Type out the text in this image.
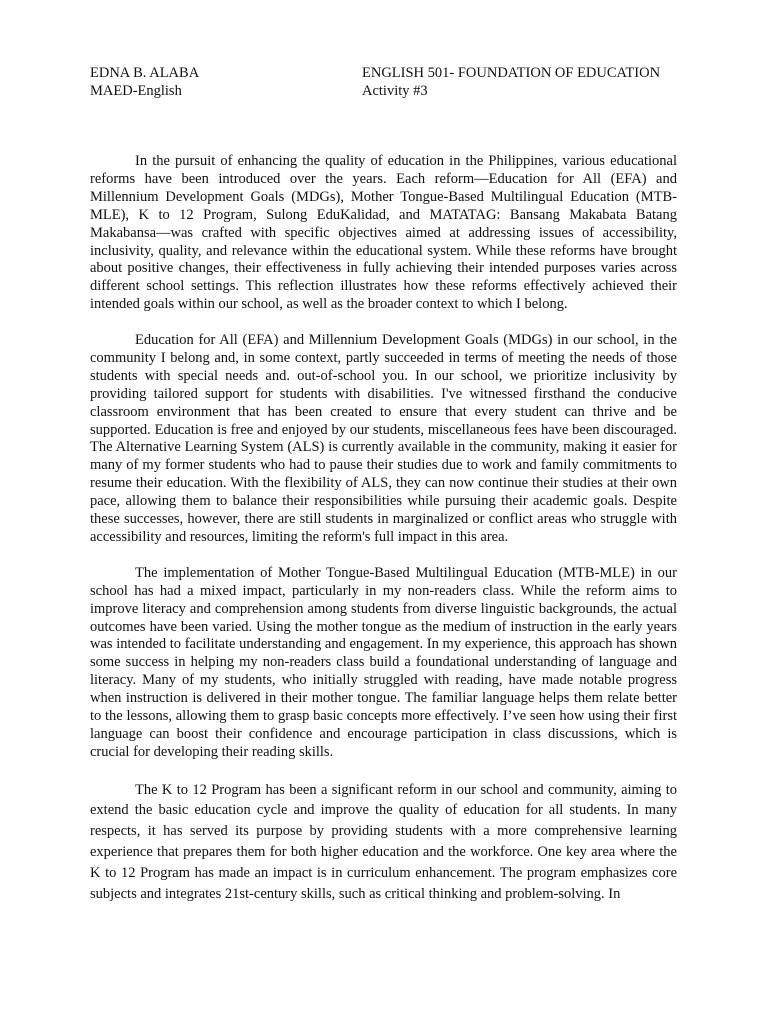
EDNA B. ALABA
MAED-English
ENGLISH 501- FOUNDATION OF EDUCATION
Activity #3

In the pursuit of enhancing the quality of education in the Philippines, various educational reforms have been introduced over the years. Each reform—Education for All (EFA) and Millennium Development Goals (MDGs), Mother Tongue-Based Multilingual Education (MTB-MLE), K to 12 Program, Sulong EduKalidad, and MATATAG: Bansang Makabata Batang Makabansa—was crafted with specific objectives aimed at addressing issues of accessibility, inclusivity, quality, and relevance within the educational system. While these reforms have brought about positive changes, their effectiveness in fully achieving their intended purposes varies across different school settings. This reflection illustrates how these reforms effectively achieved their intended goals within our school, as well as the broader context to which I belong.

Education for All (EFA) and Millennium Development Goals (MDGs) in our school, in the community I belong and, in some context, partly succeeded in terms of meeting the needs of those students with special needs and. out-of-school you. In our school, we prioritize inclusivity by providing tailored support for students with disabilities. I've witnessed firsthand the conducive classroom environment that has been created to ensure that every student can thrive and be supported. Education is free and enjoyed by our students, miscellaneous fees have been discouraged. The Alternative Learning System (ALS) is currently available in the community, making it easier for many of my former students who had to pause their studies due to work and family commitments to resume their education. With the flexibility of ALS, they can now continue their studies at their own pace, allowing them to balance their responsibilities while pursuing their academic goals. Despite these successes, however, there are still students in marginalized or conflict areas who struggle with accessibility and resources, limiting the reform's full impact in this area.

The implementation of Mother Tongue-Based Multilingual Education (MTB-MLE) in our school has had a mixed impact, particularly in my non-readers class. While the reform aims to improve literacy and comprehension among students from diverse linguistic backgrounds, the actual outcomes have been varied. Using the mother tongue as the medium of instruction in the early years was intended to facilitate understanding and engagement. In my experience, this approach has shown some success in helping my non-readers class build a foundational understanding of language and literacy. Many of my students, who initially struggled with reading, have made notable progress when instruction is delivered in their mother tongue. The familiar language helps them relate better to the lessons, allowing them to grasp basic concepts more effectively. I’ve seen how using their first language can boost their confidence and encourage participation in class discussions, which is crucial for developing their reading skills.

The K to 12 Program has been a significant reform in our school and community, aiming to extend the basic education cycle and improve the quality of education for all students. In many respects, it has served its purpose by providing students with a more comprehensive learning experience that prepares them for both higher education and the workforce. One key area where the K to 12 Program has made an impact is in curriculum enhancement. The program emphasizes core subjects and integrates 21st-century skills, such as critical thinking and problem-solving. In
